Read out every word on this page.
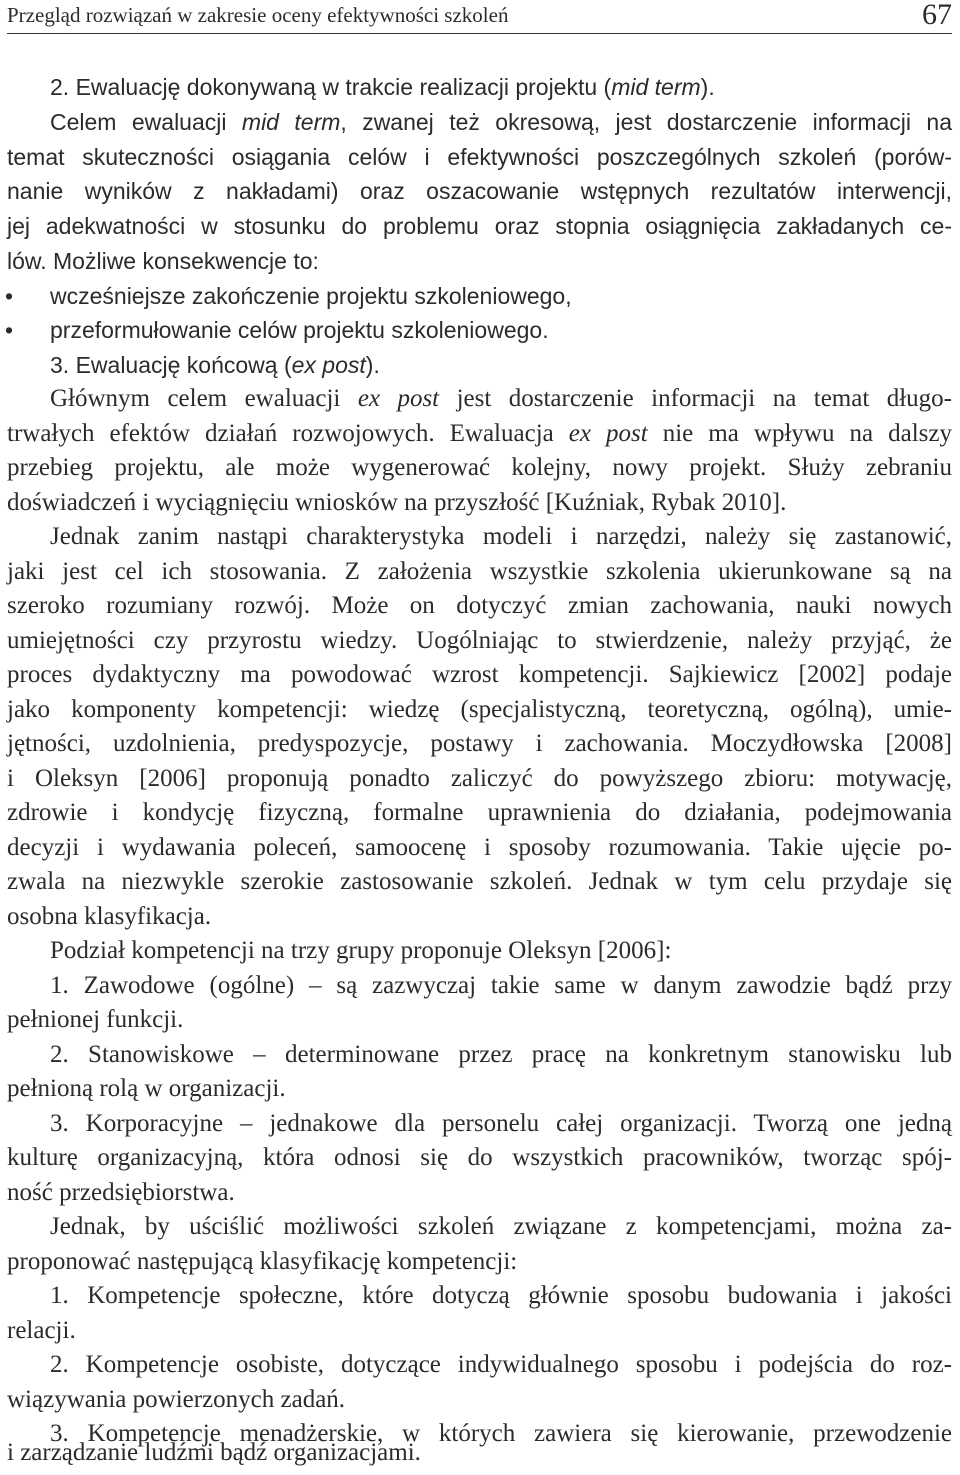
Przegląd rozwiązań w zakresie oceny efektywności szkoleń	67
2. Ewaluację dokonywaną w trakcie realizacji projektu (mid term).
Celem ewaluacji mid term, zwanej też okresową, jest dostarczenie informacji na
temat skuteczności osiągania celów i efektywności poszczególnych szkoleń (porów-
nanie wyników z nakładami) oraz oszacowanie wstępnych rezultatów interwencji,
jej adekwatności w stosunku do problemu oraz stopnia osiągnięcia zakładanych ce-
lów. Możliwe konsekwencje to:
•	wcześniejsze zakończenie projektu szkoleniowego,
•	przeformułowanie celów projektu szkoleniowego.
3. Ewaluację końcową (ex post).
Głównym celem ewaluacji ex post jest dostarczenie informacji na temat długo-
trwałych efektów działań rozwojowych. Ewaluacja ex post nie ma wpływu na dalszy
przebieg projektu, ale może wygenerować kolejny, nowy projekt. Służy zebraniu
doświadczeń i wyciągnięciu wniosków na przyszłość [Kuźniak, Rybak 2010].
Jednak zanim nastąpi charakterystyka modeli i narzędzi, należy się zastanowić,
jaki jest cel ich stosowania. Z założenia wszystkie szkolenia ukierunkowane są na
szeroko rozumiany rozwój. Może on dotyczyć zmian zachowania, nauki nowych
umiejętności czy przyrostu wiedzy. Uogólniając to stwierdzenie, należy przyjąć, że
proces dydaktyczny ma powodować wzrost kompetencji. Sajkiewicz [2002] podaje
jako komponenty kompetencji: wiedzę (specjalistyczną, teoretyczną, ogólną), umie-
jętności, uzdolnienia, predyspozycje, postawy i zachowania. Moczydłowska [2008]
i Oleksyn [2006] proponują ponadto zaliczyć do powyższego zbioru: motywację,
zdrowie i kondycję fizyczną, formalne uprawnienia do działania, podejmowania
decyzji i wydawania poleceń, samoocenę i sposoby rozumowania. Takie ujęcie po-
zwala na niezwykle szerokie zastosowanie szkoleń. Jednak w tym celu przydaje się
osobna klasyfikacja.
Podział kompetencji na trzy grupy proponuje Oleksyn [2006]:
1. Zawodowe (ogólne) – są zazwyczaj takie same w danym zawodzie bądź przy
pełnionej funkcji.
2. Stanowiskowe – determinowane przez pracę na konkretnym stanowisku lub
pełnioną rolą w organizacji.
3. Korporacyjne – jednakowe dla personelu całej organizacji. Tworzą one jedną
kulturę organizacyjną, która odnosi się do wszystkich pracowników, tworząc spój-
ność przedsiębiorstwa.
Jednak, by uściślić możliwości szkoleń związane z kompetencjami, można za-
proponować następującą klasyfikację kompetencji:
1. Kompetencje społeczne, które dotyczą głównie sposobu budowania i jakości
relacji.
2. Kompetencje osobiste, dotyczące indywidualnego sposobu i podejścia do roz-
wiązywania powierzonych zadań.
3. Kompetencje menadżerskie, w których zawiera się kierowanie, przewodzenie
i zarządzanie ludźmi bądź organizacjami.
